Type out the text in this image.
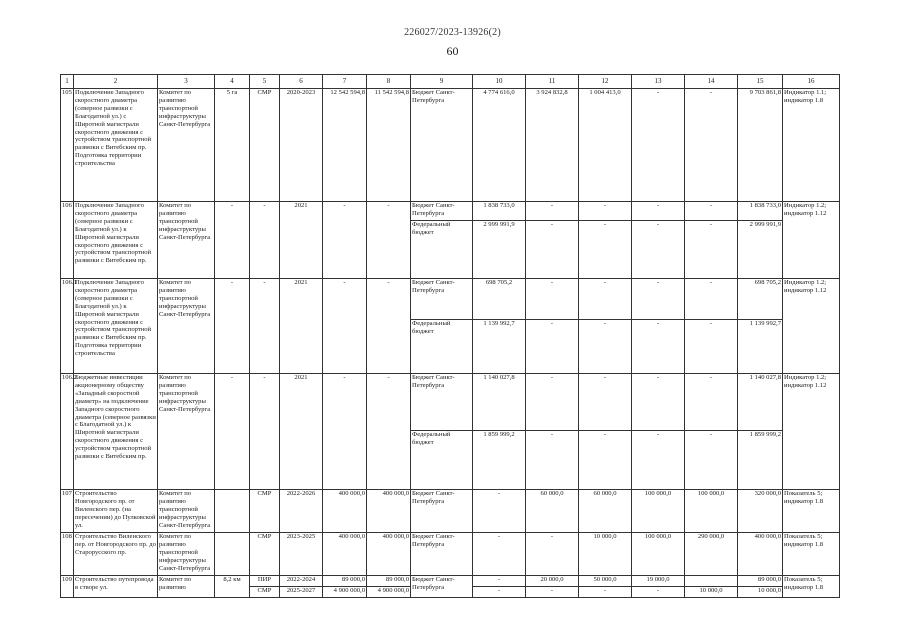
226027/2023-13926(2)
60
1	2	3	4	5	6	7	8	9	10	11	12	13	14	15	16
105	Подключение Западного скоростного диаметра (северное развязки с Благодатной ул.) с Широтной магистрали скоростного движения с устройством транспортной развязки с Витебским пр. Подготовка территории строительства	Комитет по развитию транспортной инфраструктуры Санкт-Петербурга	5 га	СМР	2020-2023	12 542 594,8	11 542 594,8	Бюджет Санкт-Петербурга	4 774 616,0	3 924 832,8	1 004 413,0	-	-	9 703 861,8	Индикатор 1.1; индикатор 1.8
106	Подключение Западного скоростного диаметра (северное развязки с Благодатной ул.) к Широтной магистрали скоростного движения с устройством транспортной развязки с Витебским пр.	Комитет по развитию транспортной инфраструктуры Санкт-Петербурга	-	-	2021	-	-	Бюджет Санкт-Петербурга	1 838 733,0	-	-	-	-	1 838 733,0	Индикатор 1.2; индикатор 1.12
								Федеральный бюджет	2 999 991,9	-	-	-	-	2 999 991,9	
106.1	Подключение Западного скоростного диаметра (северное развязки с Благодатной ул.) к Широтной магистрали скоростного движения с устройством транспортной развязки с Витебским пр. Подготовка территории строительства	Комитет по развитию транспортной инфраструктуры Санкт-Петербурга	-	-	2021	-	-	Бюджет Санкт-Петербурга	698 705,2	-	-	-	-	698 705,2	Индикатор 1.2; индикатор 1.12
								Федеральный бюджет	1 139 992,7	-	-	-	-	1 139 992,7	
106.2	Бюджетные инвестиции акционерному обществу «Западный скоростной диаметр» на подключение Западного скоростного диаметра (северное развязки с Благодатной ул.) к Широтной магистрали скоростного движения с устройством транспортной развязки с Витебским пр.	Комитет по развитию транспортной инфраструктуры Санкт-Петербурга	-	-	2021	-	-	Бюджет Санкт-Петербурга	1 140 027,8	-	-	-	-	1 140 027,8	Индикатор 1.2; индикатор 1.12
								Федеральный бюджет	1 859 999,2	-	-	-	-	1 859 999,2	
107	Строительство Новгородского пр. от Виленского пер. (на пересечении) до Пулковской ул.	Комитет по развитию транспортной инфраструктуры Санкт-Петербурга		СМР	2022-2026	400 000,0	400 000,0	Бюджет Санкт-Петербурга	-	60 000,0	60 000,0	100 000,0	100 000,0	320 000,0	Показатель 5; индикатор 1.8
108	Строительство Виленского пер. от Новгородского пр. до Старорусского пр.	Комитет по развитию транспортной инфраструктуры Санкт-Петербурга		СМР	2023-2025	400 000,0	400 000,0	Бюджет Санкт-Петербурга	-	-	10 000,0	100 000,0	290 000,0	400 000,0	Показатель 5; индикатор 1.8
109	Строительство путепровода в створе ул.	Комитет по развитию	8,2 км	ПИР	2022-2024	89 000,0	89 000,0	Бюджет Санкт-Петербурга	-	20 000,0	50 000,0	19 000,0		89 000,0	Показатель 5; индикатор 1.8
				СМР	2025-2027	4 900 000,0	4 900 000,0		-	-	-	-	10 000,0	10 000,0	
